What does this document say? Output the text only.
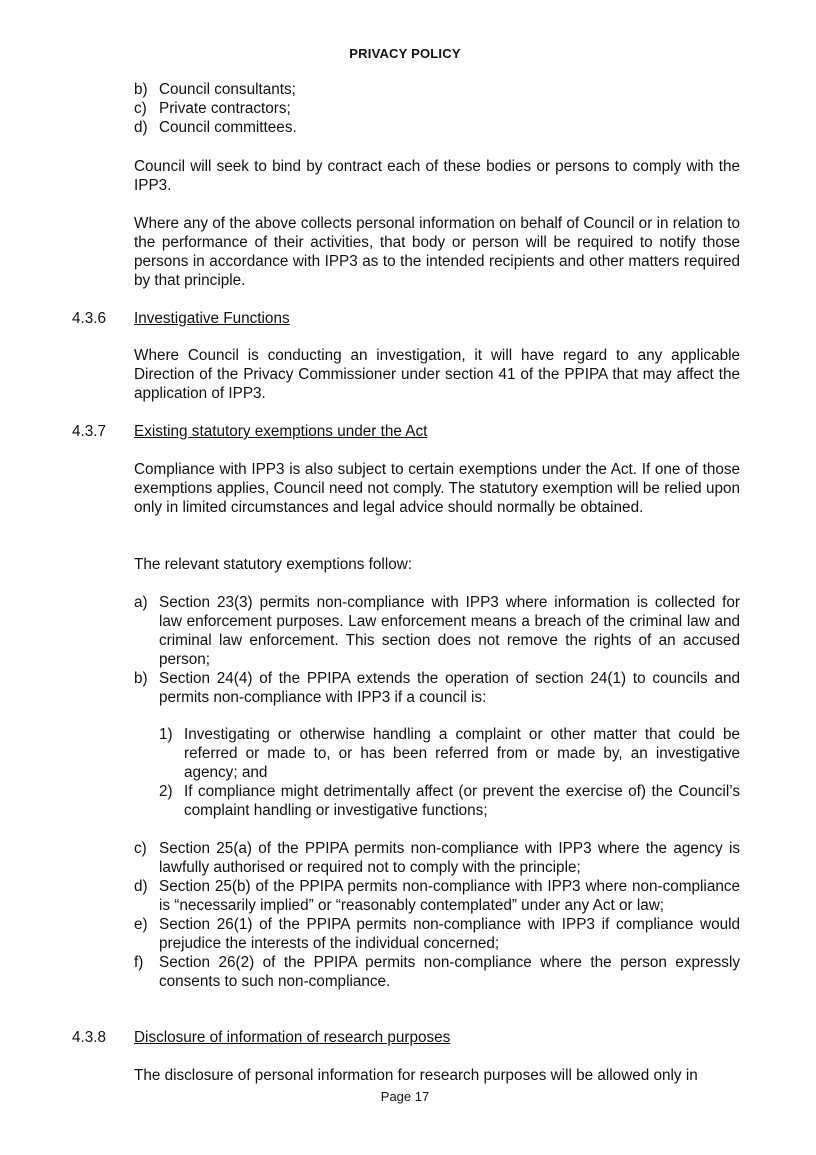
PRIVACY POLICY
b) Council consultants;
c) Private contractors;
d) Council committees.
Council will seek to bind by contract each of these bodies or persons to comply with the IPP3.
Where any of the above collects personal information on behalf of Council or in relation to the performance of their activities, that body or person will be required to notify those persons in accordance with IPP3 as to the intended recipients and other matters required by that principle.
4.3.6 Investigative Functions
Where Council is conducting an investigation, it will have regard to any applicable Direction of the Privacy Commissioner under section 41 of the PPIPA that may affect the application of IPP3.
4.3.7 Existing statutory exemptions under the Act
Compliance with IPP3 is also subject to certain exemptions under the Act. If one of those exemptions applies, Council need not comply. The statutory exemption will be relied upon only in limited circumstances and legal advice should normally be obtained.
The relevant statutory exemptions follow:
a) Section 23(3) permits non-compliance with IPP3 where information is collected for law enforcement purposes. Law enforcement means a breach of the criminal law and criminal law enforcement. This section does not remove the rights of an accused person;
b) Section 24(4) of the PPIPA extends the operation of section 24(1) to councils and permits non-compliance with IPP3 if a council is:
1) Investigating or otherwise handling a complaint or other matter that could be referred or made to, or has been referred from or made by, an investigative agency; and
2) If compliance might detrimentally affect (or prevent the exercise of) the Council’s complaint handling or investigative functions;
c) Section 25(a) of the PPIPA permits non-compliance with IPP3 where the agency is lawfully authorised or required not to comply with the principle;
d) Section 25(b) of the PPIPA permits non-compliance with IPP3 where non-compliance is “necessarily implied” or “reasonably contemplated” under any Act or law;
e) Section 26(1) of the PPIPA permits non-compliance with IPP3 if compliance would prejudice the interests of the individual concerned;
f)	Section 26(2) of the PPIPA permits non-compliance where the person expressly consents to such non-compliance.
4.3.8 Disclosure of information of research purposes
The disclosure of personal information for research purposes will be allowed only in
Page 17
